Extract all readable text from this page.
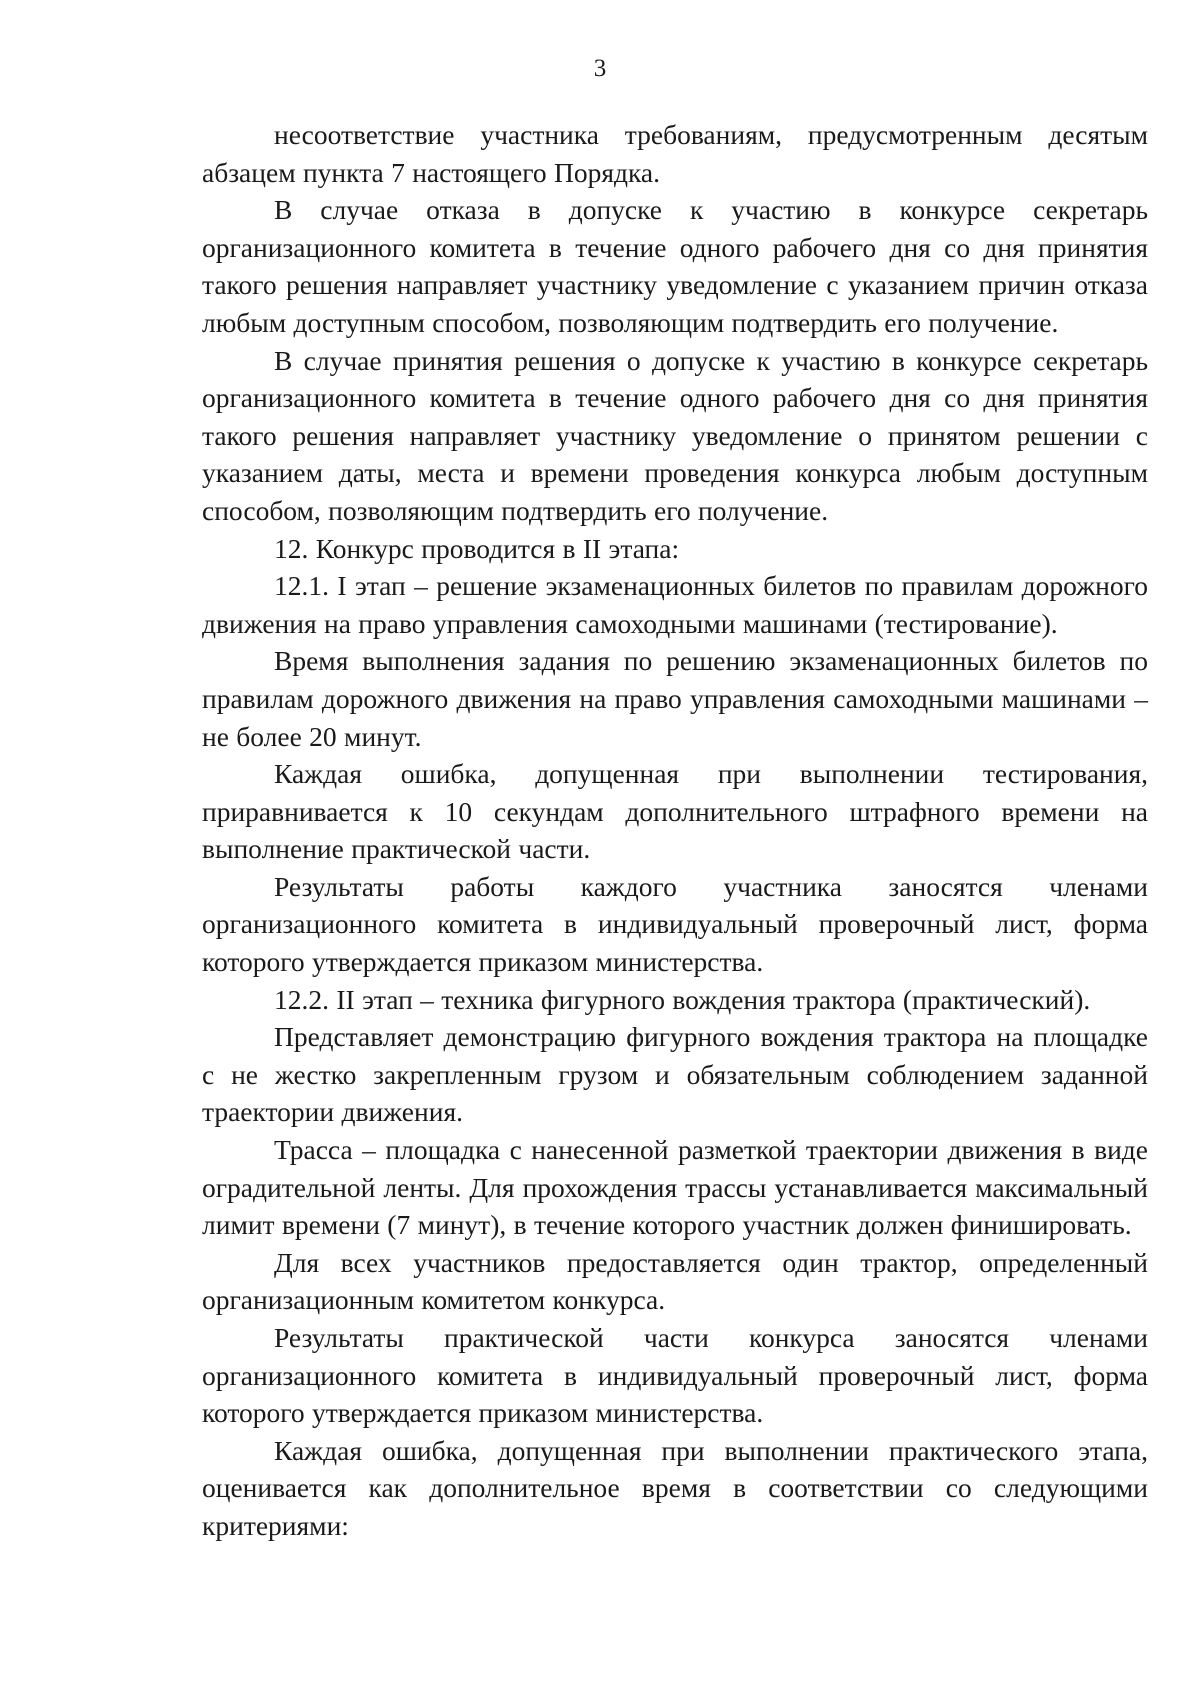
3

несоответствие участника требованиям, предусмотренным десятым абзацем пункта 7 настоящего Порядка.

В случае отказа в допуске к участию в конкурсе секретарь организационного комитета в течение одного рабочего дня со дня принятия такого решения направляет участнику уведомление с указанием причин отказа любым доступным способом, позволяющим подтвердить его получение.

В случае принятия решения о допуске к участию в конкурсе секретарь организационного комитета в течение одного рабочего дня со дня принятия такого решения направляет участнику уведомление о принятом решении с указанием даты, места и времени проведения конкурса любым доступным способом, позволяющим подтвердить его получение.

12. Конкурс проводится в II этапа:

12.1. I этап – решение экзаменационных билетов по правилам дорожного движения на право управления самоходными машинами (тестирование).

Время выполнения задания по решению экзаменационных билетов по правилам дорожного движения на право управления самоходными машинами – не более 20 минут.

Каждая ошибка, допущенная при выполнении тестирования, приравнивается к 10 секундам дополнительного штрафного времени на выполнение практической части.

Результаты работы каждого участника заносятся членами организационного комитета в индивидуальный проверочный лист, форма которого утверждается приказом министерства.

12.2. II этап – техника фигурного вождения трактора (практический).

Представляет демонстрацию фигурного вождения трактора на площадке с не жестко закрепленным грузом и обязательным соблюдением заданной траектории движения.

Трасса – площадка с нанесенной разметкой траектории движения в виде оградительной ленты. Для прохождения трассы устанавливается максимальный лимит времени (7 минут), в течение которого участник должен финишировать.

Для всех участников предоставляется один трактор, определенный организационным комитетом конкурса.

Результаты практической части конкурса заносятся членами организационного комитета в индивидуальный проверочный лист, форма которого утверждается приказом министерства.

Каждая ошибка, допущенная при выполнении практического этапа, оценивается как дополнительное время в соответствии со следующими критериями:
